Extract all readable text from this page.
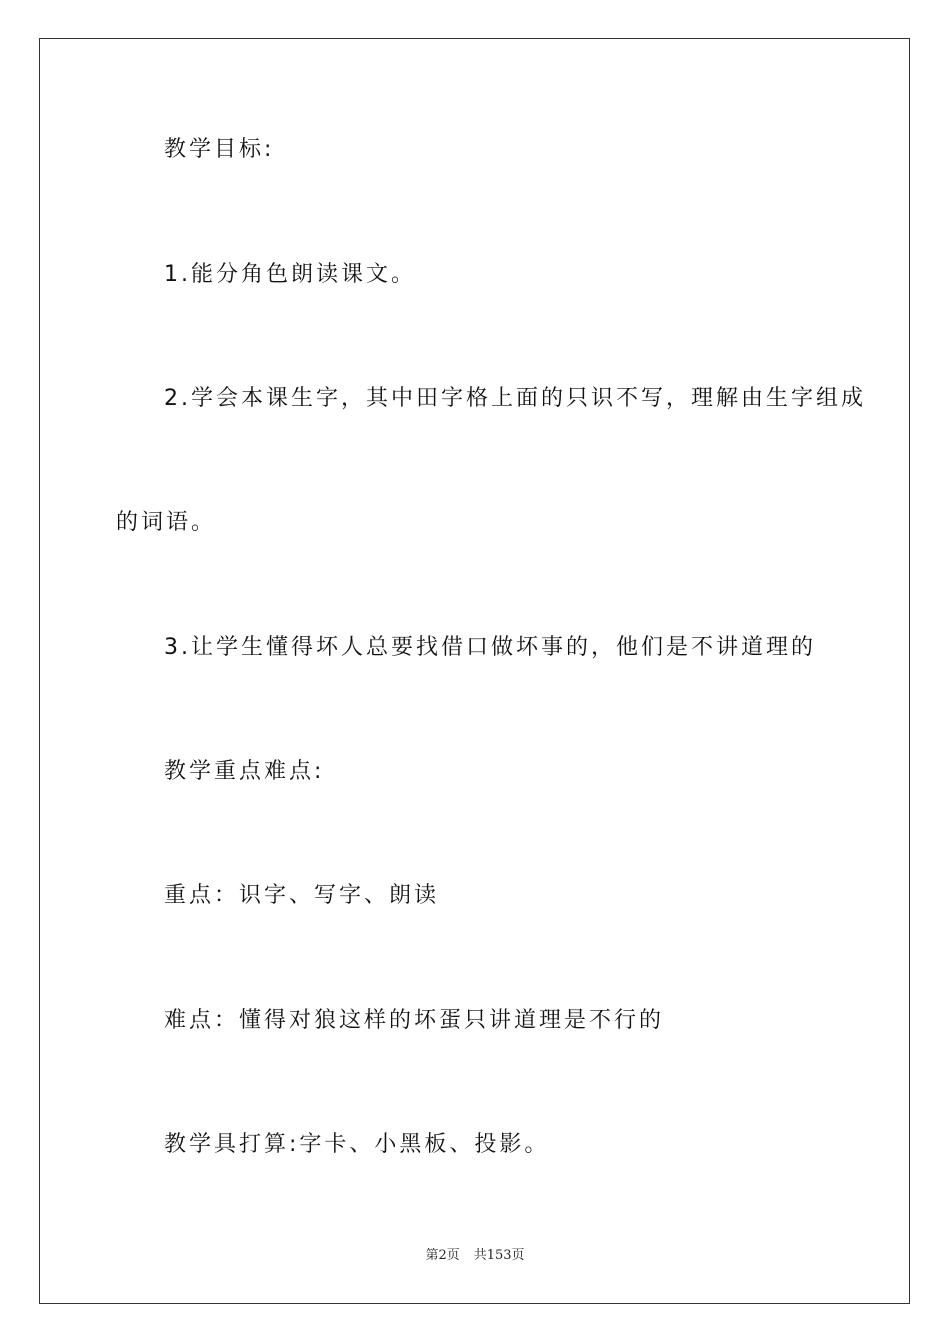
教学目标:
1.能分角色朗读课文。
2.学会本课生字，其中田字格上面的只识不写，理解由生字组成
的词语。
3.让学生懂得坏人总要找借口做坏事的，他们是不讲道理的
教学重点难点:
重点：识字、写字、朗读
难点：懂得对狼这样的坏蛋只讲道理是不行的
教学具打算:字卡、小黑板、投影。
第2页 共153页
